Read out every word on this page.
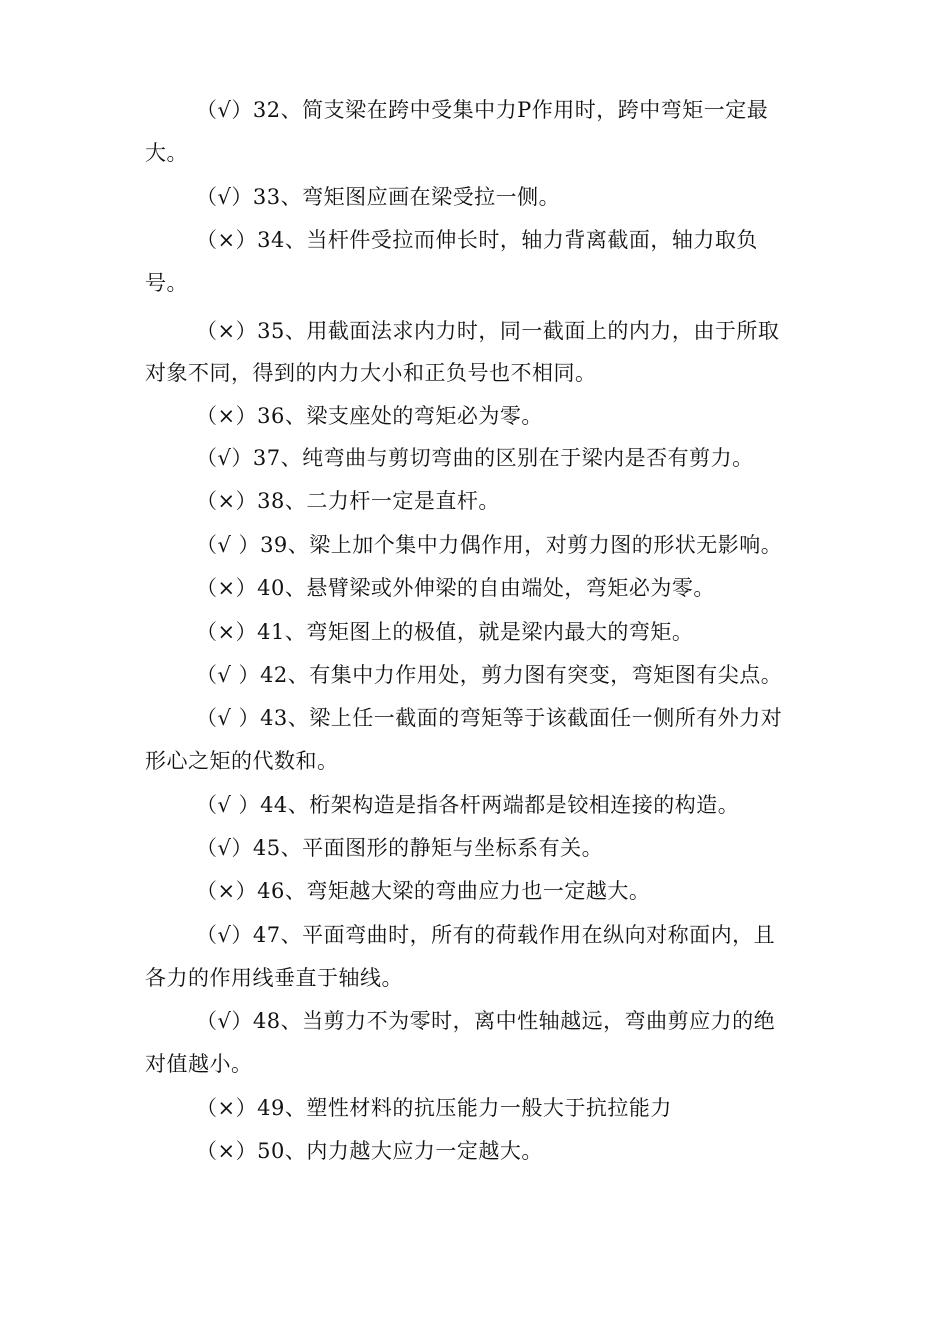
（√）32、简支梁在跨中受集中力P作用时，跨中弯矩一定最
大。
（√）33、弯矩图应画在梁受拉一侧。
（×）34、当杆件受拉而伸长时，轴力背离截面，轴力取负
号。
（×）35、用截面法求内力时，同一截面上的内力，由于所取
对象不同，得到的内力大小和正负号也不相同。
（×）36、梁支座处的弯矩必为零。
（√）37、纯弯曲与剪切弯曲的区别在于梁内是否有剪力。
（×）38、二力杆一定是直杆。
（√ ）39、梁上加个集中力偶作用，对剪力图的形状无影响。
（×）40、悬臂梁或外伸梁的自由端处，弯矩必为零。
（×）41、弯矩图上的极值，就是梁内最大的弯矩。
（√ ）42、有集中力作用处，剪力图有突变，弯矩图有尖点。
（√ ）43、梁上任一截面的弯矩等于该截面任一侧所有外力对
形心之矩的代数和。
（√ ）44、桁架构造是指各杆两端都是铰相连接的构造。
（√）45、平面图形的静矩与坐标系有关。
（×）46、弯矩越大梁的弯曲应力也一定越大。
（√）47、平面弯曲时，所有的荷载作用在纵向对称面内，且
各力的作用线垂直于轴线。
（√）48、当剪力不为零时，离中性轴越远，弯曲剪应力的绝
对值越小。
（×）49、塑性材料的抗压能力一般大于抗拉能力
（×）50、内力越大应力一定越大。
